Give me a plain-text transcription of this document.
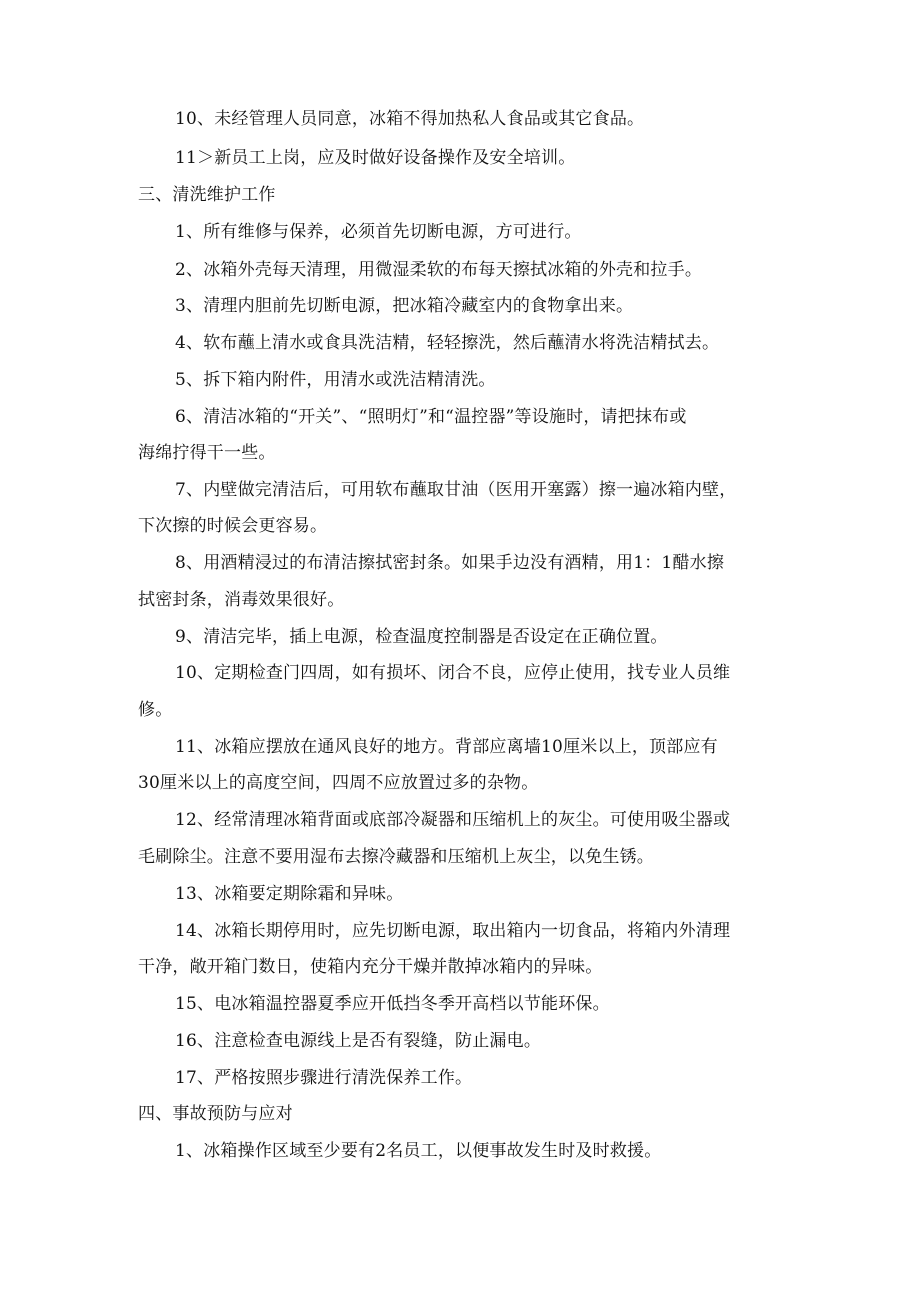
10、未经管理人员同意，冰箱不得加热私人食品或其它食品。
11＞新员工上岗，应及时做好设备操作及安全培训。
三、清洗维护工作
1、所有维修与保养，必须首先切断电源，方可进行。
2、冰箱外壳每天清理，用微湿柔软的布每天擦拭冰箱的外壳和拉手。
3、清理内胆前先切断电源，把冰箱冷藏室内的食物拿出来。
4、软布蘸上清水或食具洗洁精，轻轻擦洗，然后蘸清水将洗洁精拭去。
5、拆下箱内附件，用清水或洗洁精清洗。
6、清洁冰箱的“开关”、“照明灯”和“温控器”等设施时，请把抹布或
海绵拧得干一些。
7、内壁做完清洁后，可用软布蘸取甘油（医用开塞露）擦一遍冰箱内壁，
下次擦的时候会更容易。
8、用酒精浸过的布清洁擦拭密封条。如果手边没有酒精，用1：1醋水擦
拭密封条，消毒效果很好。
9、清洁完毕，插上电源，检查温度控制器是否设定在正确位置。
10、定期检查门四周，如有损坏、闭合不良，应停止使用，找专业人员维
修。
11、冰箱应摆放在通风良好的地方。背部应离墙10厘米以上，顶部应有
30厘米以上的高度空间，四周不应放置过多的杂物。
12、经常清理冰箱背面或底部冷凝器和压缩机上的灰尘。可使用吸尘器或
毛刷除尘。注意不要用湿布去擦冷藏器和压缩机上灰尘，以免生锈。
13、冰箱要定期除霜和异味。
14、冰箱长期停用时，应先切断电源，取出箱内一切食品，将箱内外清理
干净，敞开箱门数日，使箱内充分干燥并散掉冰箱内的异味。
15、电冰箱温控器夏季应开低挡冬季开高档以节能环保。
16、注意检查电源线上是否有裂缝，防止漏电。
17、严格按照步骤进行清洗保养工作。
四、事故预防与应对
1、冰箱操作区域至少要有2名员工，以便事故发生时及时救援。
